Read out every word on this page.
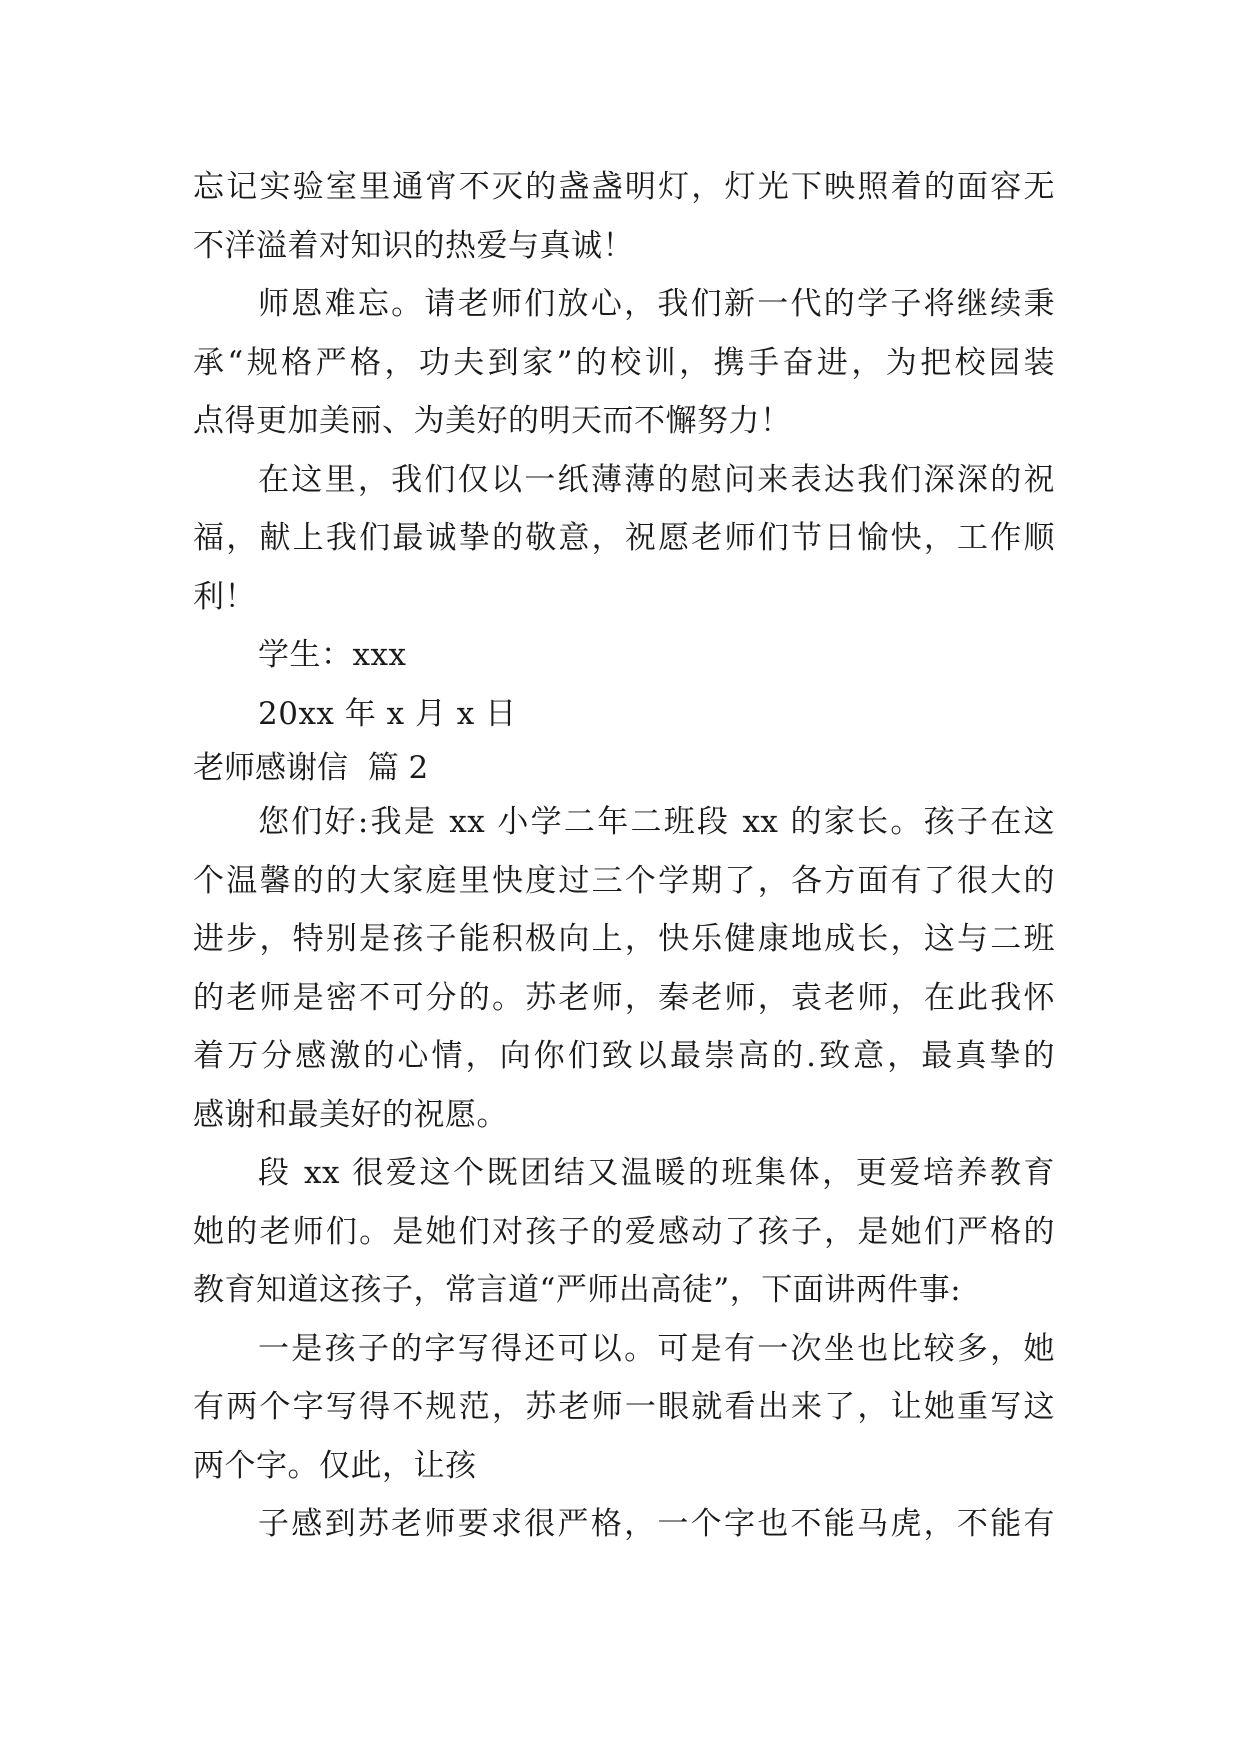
忘记实验室里通宵不灭的盏盏明灯，灯光下映照着的面容无
不洋溢着对知识的热爱与真诚！
师恩难忘。请老师们放心，我们新一代的学子将继续秉
承“规格严格，功夫到家”的校训，携手奋进，为把校园装
点得更加美丽、为美好的明天而不懈努力！
在这里，我们仅以一纸薄薄的慰问来表达我们深深的祝
福，献上我们最诚挚的敬意，祝愿老师们节日愉快，工作顺
利！
学生：xxx
20xx 年 x 月 x 日
老师感谢信  篇 2
您们好:我是 xx 小学二年二班段 xx 的家长。孩子在这
个温馨的的大家庭里快度过三个学期了，各方面有了很大的
进步，特别是孩子能积极向上，快乐健康地成长，这与二班
的老师是密不可分的。苏老师，秦老师，袁老师，在此我怀
着万分感激的心情，向你们致以最崇高的.致意，最真挚的
感谢和最美好的祝愿。
段 xx 很爱这个既团结又温暖的班集体，更爱培养教育
她的老师们。是她们对孩子的爱感动了孩子，是她们严格的
教育知道这孩子，常言道“严师出高徒”，下面讲两件事:
一是孩子的字写得还可以。可是有一次坐也比较多，她
有两个字写得不规范，苏老师一眼就看出来了，让她重写这
两个字。仅此，让孩
子感到苏老师要求很严格，一个字也不能马虎，不能有
